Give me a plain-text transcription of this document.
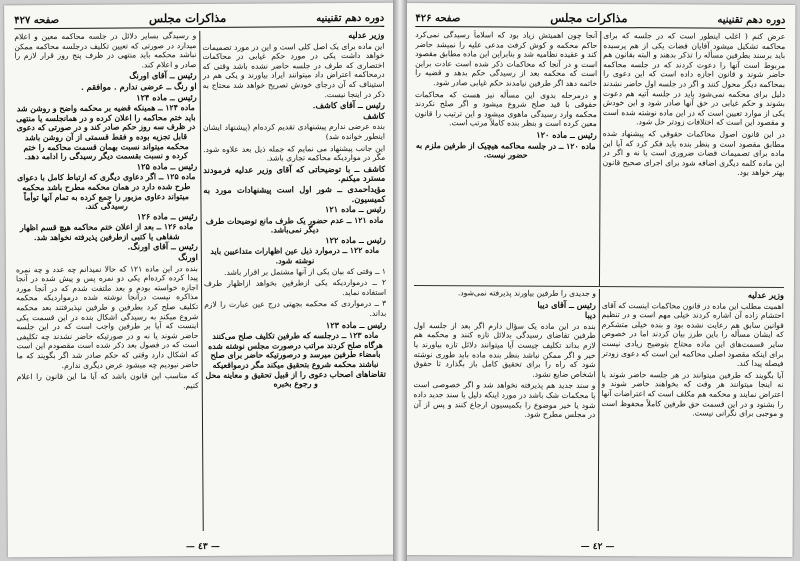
دوره دهم تقنینیه
مذاکرات مجلس
صفحه ۴۲۷
وزیر عدلیه

این ماده برای یک اصل کلی است و این در مورد تصمیمات خواهد داشت یکی در مورد حکم غیابی در محاکمات اختصاری که طرف در جلسه حاضر نشده باشد وقتی که درمحاکمه اعتراض داد میتوانند ایراد بیاورند و یکی هم در استیناف که آن درجای خودش تصریح خواهد شد محتاج به ذکر در اینجا نیست.

رئیس ــ آقای کاشف.
کاشف

بنده عرضی ندارم پیشنهادی تقدیم کرده‌ام (پیشنهاد ایشان اینطور خوانده شد)

این جانب پیشنهاد می نمایم که جمله ذیل بعد علاوه شود. مگر در مواردیکه محاکمه تجاری باشد.

کاشف ــ با توضیحاتی که آقای وزیر عدلیه فرمودند مسترد میکنم.
مؤیداحمدی ــ شور اول است پیشنهادات مورد به کمیسیون.
رئیس ــ ماده ۱۲۱
ماده ۱۲۱ ــ عدم حضور یک طرف مانع توضیحات طرف دیگر نمی‌باشد.
رئیس ــ ماده ۱۲۲
ماده ۱۲۲ ــ درموارد ذیل عین اظهارات متداعیین باید نوشته شود.

۱ ــ وقتی که بیان یکی از آنها مشتمل بر اقرار باشد.

۲ ــ درمواردیکه یکی ازطرفین بخواهد ازاظهار طرف استفاده نماید.

۳ ــ درمواردی که محکمه بجهتی درج عین عبارت را لازم بداند.

رئیس ــ ماده ۱۲۳
ماده ۱۲۳ ــ درجلسه که طرفین تکلیف صلح می‌کنند هرگاه صلح کردند مراتب درصورت مجلس نوشته شده بامضاء طرفین میرسد و درصورتیکه حاضر برای صلح نباشند محکمه شروع بتحقیق میکند مگر درمواقعیکه تقاضاهای اصحاب دعوی را از قبیل تحقیق و معاینه محل و رجوع بخبره

و رسیدگی بسایر دلائل در جلسه محاکمه معین و اعلام میدارد در صورتی که تعیین تکلیف درجلسه محاکمه ممکن نباشد محکمه باید منتهی در ظرف پنج روز قرار لازم را صادر و اعلام کند.

رئیس ــ آقای اورنگ
او رنگ ــ عرضی ندارم . موافقم .
رئیس ــ ماده ۱۲۴
ماده ۱۲۴ ــ همینکه قضیه بر محکمه واضح و روشن شد باید ختم محاکمه را اعلان کرده و در همانجلسه یا منتهی در ظرف سه روز حکم صادر کند و در صورتی که دعوی قابل تجزیه بوده و فقط قسمتی از آن روشن باشد محکمه میتواند نسبت بهمان قسمت محاکمه را ختم کرده و نسبت بقسمت دیگر رسیدگی را ادامه دهد.
رئیس ــ ماده ۱۲۵
ماده ۱۲۵ ــ اگر دعاوی دیگری که ارتباط کامل با دعوای طرح شده دارد در همان محکمه مطرح باشد محکمه میتواند دعاوی مزبور را جمع کرده به تمام آنها توأماً رسیدگی کند.
رئیس ــ ماده ۱۲۶
ماده ۱۲۶ ــ بعد از اعلان ختم محاکمه هیچ قسم اظهار شفاهی یا کتبی ازطرفین پذیرفته نخواهد شد.
رئیس ــ آقای اورنگ.
اورنگ

بنده در این ماده ۱۲۱ که حالا نمیدانم چه عدد و چه نمره پیدا کرده کرده‌ام یکی دو نمره پس و پیش شده در آنجا اجازه خواسته بودم و بعد ملتفت شدم که در آنجا مورد مذاکره نیست درآنجا نوشته شده درمواردیکه محکمه تکلیف صلح کرد بطرفین و طرفین نپذیرفتند بعد محکمه شروع میکند به رسیدگی اشکال بنده در این قسمت یکی اینست که آیا بر طرفین واجب است که در این جلسه حاضر شوند یا نه و در صورتیکه حاضر نشدند چه تکلیفی است که در فصول بعد ذکر شده است مقصودم این است که اشکال دارد وقتی که حکم صادر شد اگر بگویند که ما حاضر نبودیم چه میشود عرض دیگری ندارم.

که مناسب این قانون باشد که آیا ما این قانون را اعلام کنیم.

— ٤٣ —
دوره دهم تقنینیه
مذاکرات مجلس
صفحه ۴۲۶

عرض کنم ( اغلب اینطور است که در جلسه که برای محاکمه تشکیل میشود آقایان قضات یکی از هم پرسیده باید برسند بطرفین مسأله را تذکر بدهند و البته بقانون هم مربوط است آنها را دعوت کردند که در جلسه محاکمه حاضر شوند و قانون اجازه داده است که این دعوی را بمحاکمه دیگر محول کنند و اگر در جلسه اول حاضر نشدند دلیل برای محکمه نمی‌شود باید در جلسه آتیه هم دعوت بشوند و حکم غیابی در حق آنها صادر شود و این خودش یکی از موارد تعیین است که در این ماده نوشته شده است و مقصود این است که اختلافات زودتر حل شود.

در این قانون اصول محاکمات حقوقی که پیشنهاد شده مطابق مقصود است و بنظر بنده باید فکر کرد که آیا این ماده برای تصمیمات قضات ضروری است یا نه و اگر در این ماده کلمه دیگری اضافه شود برای اجرای صحیح قانون بهتر خواهد بود.

آنجا چون اهمیتش زیاد بود که اسلاماً رسیدگی نمی‌کرد حاکم محکمه و کوش کرفت مدعی علیه را نمیشد حاضر کند و عقیده نظامیه شد و بنابراین این ماده مطابق مقصود است و در آنجا که محاکمات ذکر شده است عادت براین است که محکمه بعد از رسیدگی حکم بدهد و قضیه را خاتمه دهد اگر طرفین نیامدند حکم غیابی صادر شود.

و درمرحله بدوی این مسأله نیز هست که محاکمات حقوقی با قید صلح شروع میشود و اگر صلح نکردند محکمه وارد رسیدگی ماهوی میشود و این ترتیب را قانون معین کرده است و بنظر بنده کاملاً مرتب است.

رئیس ــ ماده ۱۲۰
ماده ۱۲۰ ــ در جلسه محاکمه هیچیک از طرفین ملزم به حضور نیست.
وزیر عدلیه

اهمیت مطلب این ماده در قانون محاکمات اینست که آقای احتشام زاده آن اشاره کردند خیلی مهم است و در تنظیم قوانین سابق هم رعایت نشده بود و بنده خیلی متشکرم که ایشان مسأله را باین طرز بیان کردند اما در خصوص سایر قسمت‌های این ماده محتاج بتوضیح زیادی نیست برای اینکه مقصود اصلی محاکمه این است که دعوی زودتر فیصله پیدا کند.

آیا بگویند که طرفین میتوانند در هر جلسه حاضر شوند یا نه اینجا میتوانند هر وقت که بخواهند حاضر شوند و اعتراض نمایند و محکمه هم مکلف است که اعتراضات آنها را بشنود و در این قسمت حق طرفین کاملاً محفوظ است و موجبی برای نگرانی نیست.

و جدیدی را طرفین بیاورند پذیرفته نمی‌شود.

رئیس ــ آقای دیبا
دیبا

بنده در این ماده یک سؤال دارم اگر بعد از جلسه اول طرفین تقاضای رسیدگی بدلائل تازه کنند و محکمه هم لازم بداند تکلیف چیست آیا میتوانند دلائل تازه بیاورند یا خیر و اگر ممکن نباشد بنظر بنده ماده باید طوری نوشته شود که راه را برای تحقیق کامل باز بگذارد تا حقوق اشخاص ضایع نشود.

و سند جدید هم پذیرفته نخواهد شد و اگر خصوصی است یا محکمات شک باشد در مورد اینکه دلیل یا سند جدید داده شود یا خیر موضوع را بکمیسیون ارجاع کنند و پس از آن در مجلس مطرح شود.

— ٤٢ —
